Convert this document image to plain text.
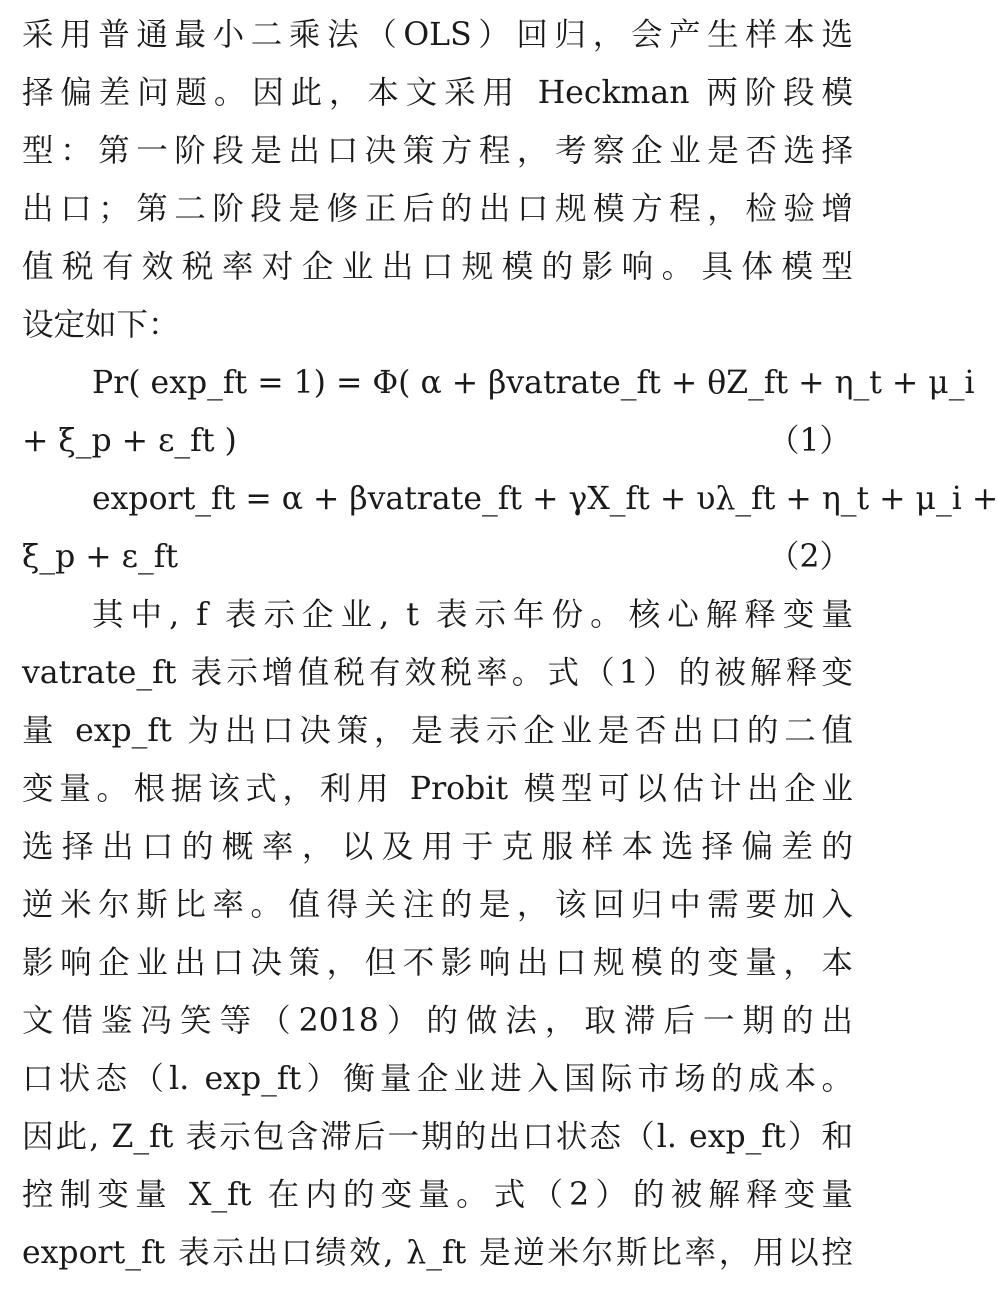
采用普通最小二乘法（OLS）回归，会产生样本选
择偏差问题。因此，本文采用 Heckman 两阶段模
型：第一阶段是出口决策方程，考察企业是否选择
出口；第二阶段是修正后的出口规模方程，检验增
值税有效税率对企业出口规模的影响。具体模型
设定如下：
Pr( exp_ft = 1) = Φ( α + βvatrate_ft + θZ_ft + η_t + μ_i
+ ξ_p + ε_ft )	（1）
export_ft = α + βvatrate_ft + γX_ft + υλ_ft + η_t + μ_i +
ξ_p + ε_ft	（2）
其中, f 表示企业, t 表示年份。核心解释变量
vatrate_ft 表示增值税有效税率。式（1）的被解释变
量 exp_ft 为出口决策，是表示企业是否出口的二值
变量。根据该式，利用 Probit 模型可以估计出企业
选择出口的概率，以及用于克服样本选择偏差的
逆米尔斯比率。值得关注的是，该回归中需要加入
影响企业出口决策，但不影响出口规模的变量，本
文借鉴冯笑等（2018）的做法，取滞后一期的出
口状态（l. exp_ft）衡量企业进入国际市场的成本。
因此, Z_ft 表示包含滞后一期的出口状态（l. exp_ft）和
控制变量 X_ft 在内的变量。式（2）的被解释变量
export_ft 表示出口绩效, λ_ft 是逆米尔斯比率，用以控
